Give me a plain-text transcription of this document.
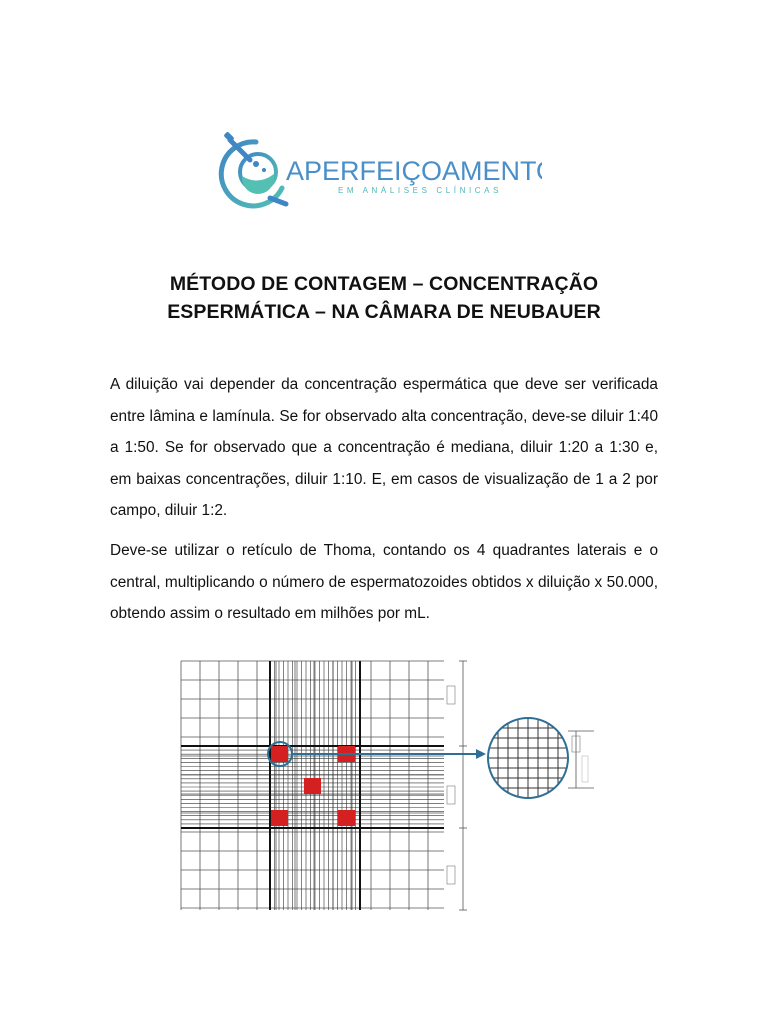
APERFEIÇOAMENTO
EM ANÁLISES CLÍNICAS
MÉTODO DE CONTAGEM – CONCENTRAÇÃO
ESPERMÁTICA – NA CÂMARA DE NEUBAUER

A diluição vai depender da concentração espermática que deve ser verificada entre lâmina e lamínula. Se for observado alta concentração, deve-se diluir 1:40 a 1:50. Se for observado que a concentração é mediana, diluir 1:20 a 1:30 e, em baixas concentrações, diluir 1:10. E, em casos de visualização de 1 a 2 por campo, diluir 1:2.

Deve-se utilizar o retículo de Thoma, contando os 4 quadrantes laterais e o central, multiplicando o número de espermatozoides obtidos x diluição x 50.000, obtendo assim o resultado em milhões por mL.
